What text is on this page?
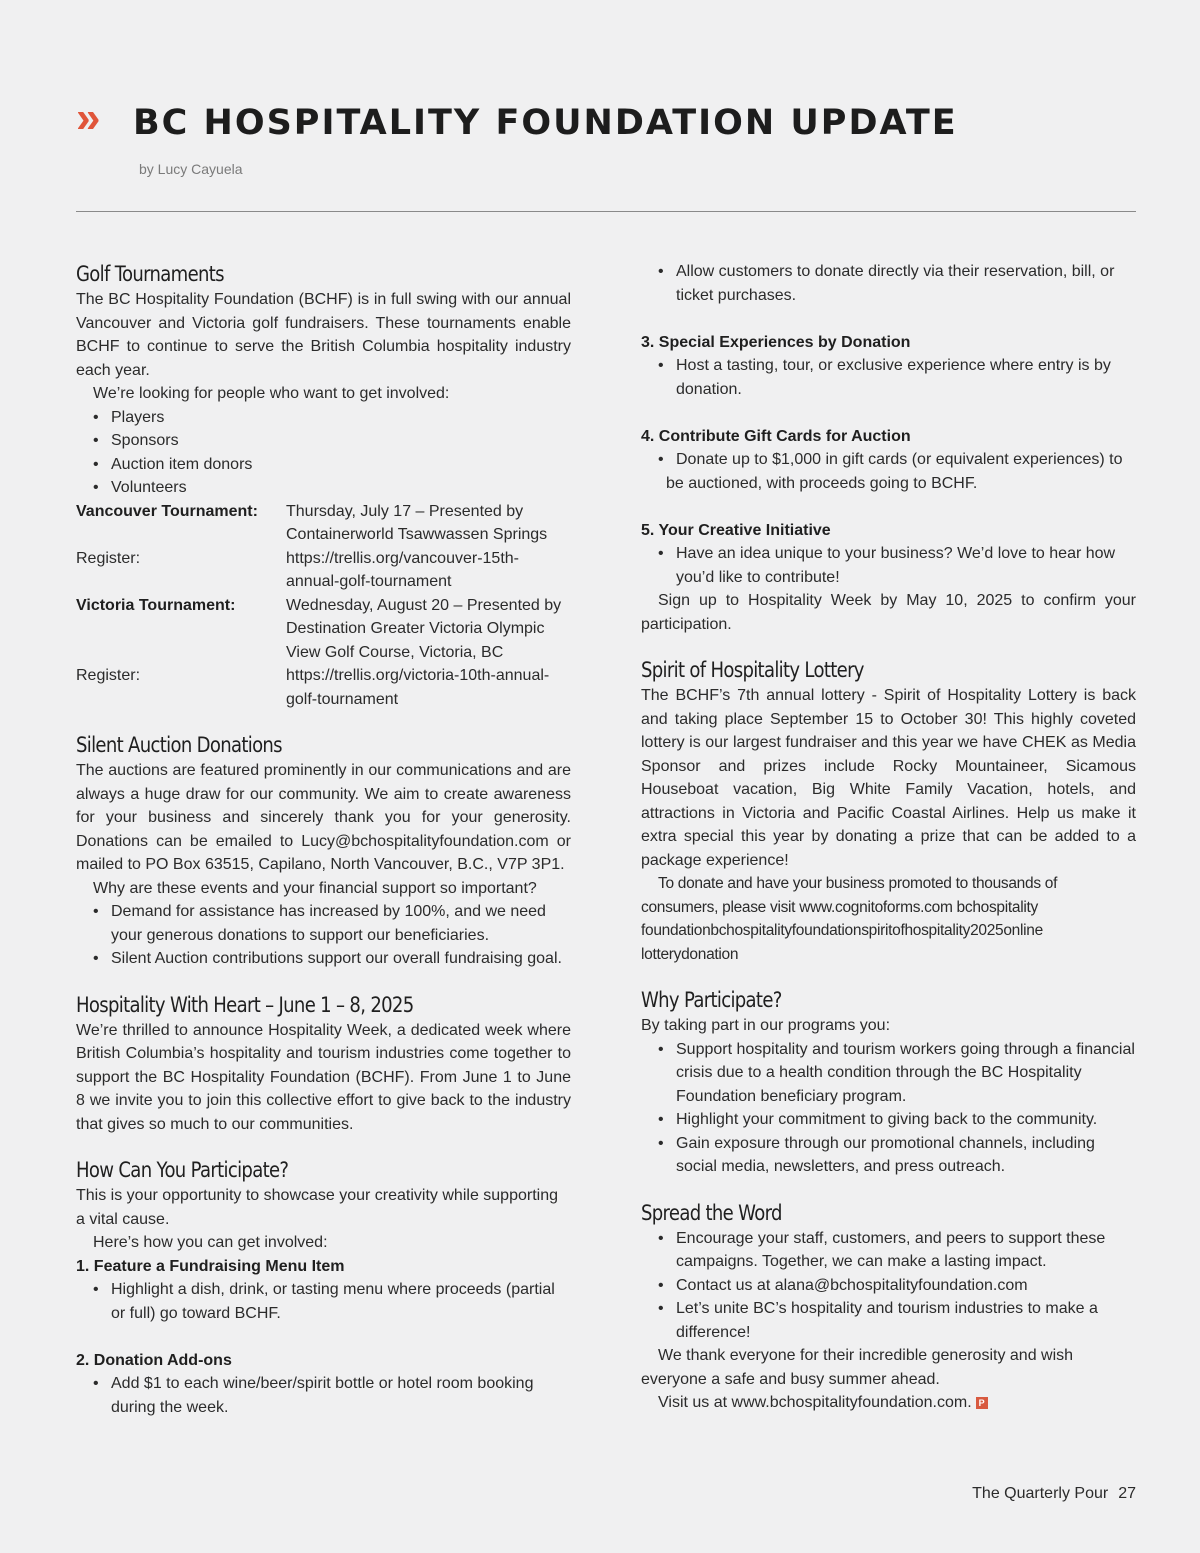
» BC HOSPITALITY FOUNDATION UPDATE
by Lucy Cayuela
Golf Tournaments

The BC Hospitality Foundation (BCHF) is in full swing with our annual Vancouver and Victoria golf fundraisers. These tournaments enable BCHF to continue to serve the British Columbia hospitality industry each year.

We’re looking for people who want to get involved:

• Players
• Sponsors
• Auction item donors
• Volunteers
Vancouver Tournament:	Thursday, July 17 – Presented by Containerworld Tsawwassen Springs
Register:	https://trellis.org/vancouver-15th-annual-golf-tournament
Victoria Tournament:	Wednesday, August 20 – Presented by Destination Greater Victoria Olympic View Golf Course, Victoria, BC
Register:	https://trellis.org/victoria-10th-annual-golf-tournament
Silent Auction Donations

The auctions are featured prominently in our communications and are always a huge draw for our community. We aim to create awareness for your business and sincerely thank you for your generosity. Donations can be emailed to Lucy@bchospitalityfoundation.com or mailed to PO Box 63515, Capilano, North Vancouver, B.C., V7P 3P1.

Why are these events and your financial support so important?

• Demand for assistance has increased by 100%, and we need your generous donations to support our beneficiaries.
• Silent Auction contributions support our overall fundraising goal.
Hospitality With Heart – June 1 – 8, 2025

We’re thrilled to announce Hospitality Week, a dedicated week where British Columbia’s hospitality and tourism industries come together to support the BC Hospitality Foundation (BCHF). From June 1 to June 8 we invite you to join this collective effort to give back to the industry that gives so much to our communities.

How Can You Participate?

This is your opportunity to showcase your creativity while supporting a vital cause.

Here’s how you can get involved:

1. Feature a Fundraising Menu Item

• Highlight a dish, drink, or tasting menu where proceeds (partial or full) go toward BCHF.

2. Donation Add-ons

• Add $1 to each wine/beer/spirit bottle or hotel room booking during the week.
• Allow customers to donate directly via their reservation, bill, or ticket purchases.

3. Special Experiences by Donation

• Host a tasting, tour, or exclusive experience where entry is by donation.

4. Contribute Gift Cards for Auction

• Donate up to $1,000 in gift cards (or equivalent experiences) to
be auctioned, with proceeds going to BCHF.

5. Your Creative Initiative

• Have an idea unique to your business? We’d love to hear how you’d like to contribute!

Sign up to Hospitality Week by May 10, 2025 to confirm your participation.

Spirit of Hospitality Lottery

The BCHF’s 7th annual lottery - Spirit of Hospitality Lottery is back and taking place September 15 to October 30! This highly coveted lottery is our largest fundraiser and this year we have CHEK as Media Sponsor and prizes include Rocky Mountaineer, Sicamous Houseboat vacation, Big White Family Vacation, hotels, and attractions in Victoria and Pacific Coastal Airlines. Help us make it extra special this year by donating a prize that can be added to a package experience!

To donate and have your business promoted to thousands of consumers, please visit www.cognitoforms.com bchospitality foundationbchospitalityfoundationspiritofhospitality2025online lotterydonation

Why Participate?

By taking part in our programs you:

• Support hospitality and tourism workers going through a financial crisis due to a health condition through the BC Hospitality Foundation beneficiary program.
• Highlight your commitment to giving back to the community.
• Gain exposure through our promotional channels, including social media, newsletters, and press outreach.
Spread the Word
• Encourage your staff, customers, and peers to support these campaigns. Together, we can make a lasting impact.
• Contact us at alana@bchospitalityfoundation.com
• Let’s unite BC’s hospitality and tourism industries to make a difference!

We thank everyone for their incredible generosity and wish everyone a safe and busy summer ahead.

Visit us at www.bchospitalityfoundation.com. P

The Quarterly Pour 27
